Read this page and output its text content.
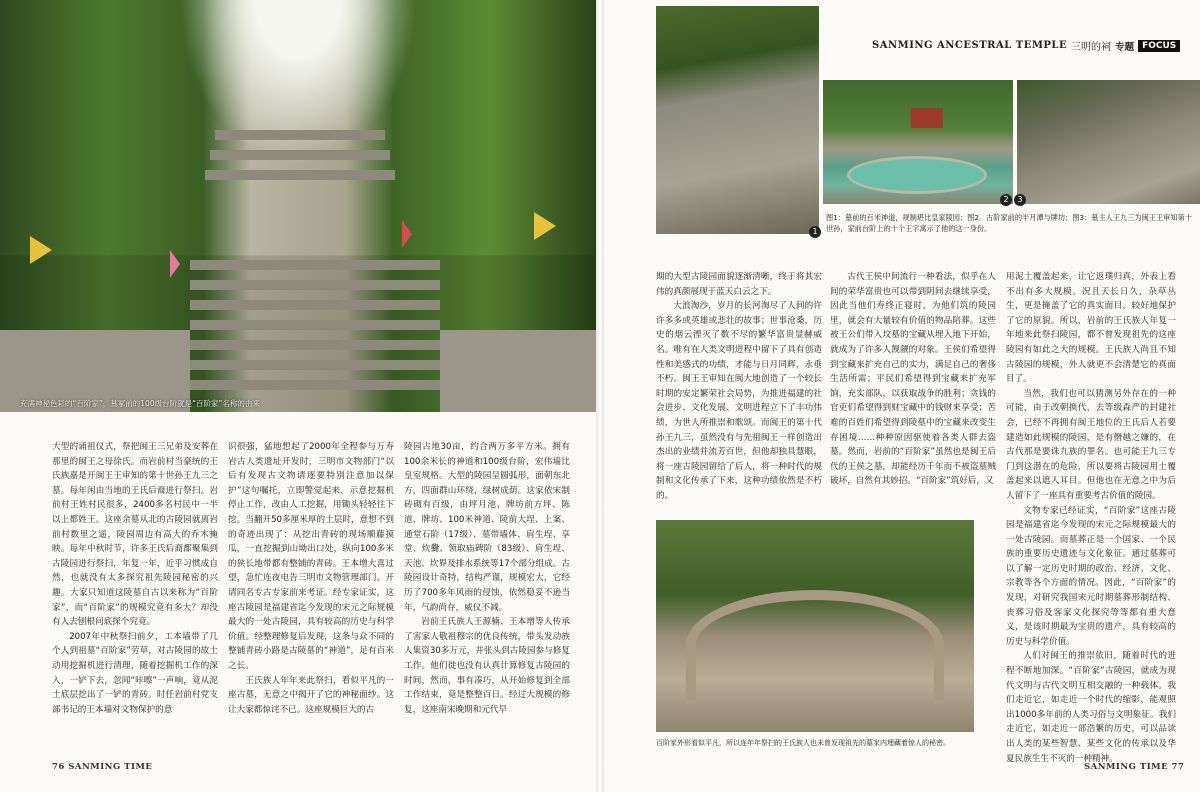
充满神秘色彩的“百阶家”，墓冢前的100级台阶就是“百阶家”名称的由来

大型的诵祖仪式，祭把闽王三兄弟及安葬在那里的闽王之母徐氏。而岩前村当豪统的王氏族嘉是开闽王王审知的第十世孙王九三之墓。每年闲由当地的王氏后裔进行祭扫。岩前村王姓村民很多，2400多名村民中一半以上都姓王。这座余墓从北的古陵园就离岩前村数里之遥，陵园周边有高大的乔木掩映。每年中秋时节，许多王氏后裔都聚集到古陵园进行祭扫，年复一年，近乎习惯成自然，也就没有太多探究祖先陵园秘密的兴趣。大家只知道这陵墓自古以来称为“百阶家”，而“百阶家”的规模究竟有多大？却没有人去刨根问底探个究竟。

2007年中秋祭扫前夕，工本墙带了几个人到祖墓“百阶家”劳草，对古陵园的故土动用挖掘机进行清理，随着挖掘机工作的深入，一铲下去，忽闻“咔嚓”一声响，竟从泥土底层挖出了一铲的青砖。时任岩前村党支部书记的王本墙对文物保护的意

识很强，猛地想起了2000年全程参与万寿岩古人类遗址开发时，三明市文物部门“以后有发现古文物请逐要特别注意加以保护”这句嘱托，立即警觉起来，示意挖掘机停止工作，改由人工挖掘，用锄头轻轻往下挖。当翻开50多厘米厚的土层时，意想不到的奇迹出现了：从挖出青砖的现场顺藤摸瓜，一直挖掘到山坳出口处，纵向100多米的狭长地带都有整铺的青砖。王本增大喜过望，急忙连夜电告三明市文物管理部门。开请同名专古专家前来考证。经专家证实，这座古陵园是福建省迄今发现的宋元之际规模最大的一处古陵园，具有较高的历史与科学价值。经整理修复后发现，这条与众不同的整铺青砖小路是古陵墓的“神道”，足有百米之长。

王氏族人年年来此祭扫，看似平凡的一座古墓，无意之中揭开了它的神秘面纱。这让大家都惊诧不已。这座规模巨大的古

陵园占地30亩，约合两万多平方米。拥有100余米长的神道和100级台阶，宏伟墙比皇室规格。大型的陵园呈圆弧形，面朝东北方，四面群山环绕，绿树成荫。这家依宋制砖砌有百级，由坪月池、牌坊前方坪、陈道、牌坊、100米神道、陵前大埕、上案、通堂石阶（17级）、墓带墙体、肩生埕、享堂、炊爨、领取庙碑阶（83级）、肩生埕、天池、坎界及排水系统等17个部分组成。古陵园设计奇特，结构严谨，规模宏大，它经历了700多年风雨的侵蚀，依然稳妥不逊当年，气韵尚存，威仪不减。

岩前王氏族人王源楠、王本增等人传承了害家人敬祖穆宗的优良传统，带头发动族人集资30多万元，并张头到古陵园参与修复工作。他们徙也没有认真计算修复古陵园的时间，然而，事有凑巧，从开始修复到全部工作结束，竟是整整百日。经过大规模的修复，这座南宋晚期和元代早

76 SANMING TIME
SANMING ANCESTRAL TEMPLE 三明的祠 专题 FOCUS
1
2	3
图1：墓前的百米神道，规制堪比皇家陵园；图2．古阶家前的半月潭与牌坊；图3：墓主人王九三为闽王王审知第十世孙，家前台阶上的十个王字寓示了他的这一身份。

期的大型古陵园面貌逐渐清晰，终于将其宏伟的真颜展现于蓝天白云之下。

大浪淘沙，岁月的长河淘尽了人间的许许多多或英雄或悲壮的故事；世事沧桑，历史的烟云湮灭了数不尽的繁华富贵显赫威名。唯有在人类文明进程中留下了具有创造性和美感式的功绩，才能与日月同辉，永垂不朽。闽王王审知在闽大地创造了一个较长时期的安定繁荣社会局势，为推进福建的社会进步、文化发展、文明进程立下了丰功伟绩，为世人所推崇和歌颂。而闽王的第十代孙王九三，虽然没有与先祖闽王一样创造出杰出的业绩并流芳百世，但他却独具慧眼，将一座古陵园留给了后人，将一种时代的规制和文化传承了下来，这种功绩依然是不朽的。

古代王侯中间流行一种看法，似乎在人间的荣华富贵也可以带到阴间去继续享受，因此当他们寿终正寝时，为他们筑的陵园里，就会有大量较有价值的物品陪葬。这些被王公们带入坟墓的宝藏从埋入地下开始，就成为了许多人觊觎的对象。王侯们希望得到宝藏来扩充自己的实力，满足自己的奢侈生活所需；平民们希望得到宝藏来扩充军饷，充实部队，以获取战争的胜利；贪钱的官吏们希望得到财宝藏中的钱财来享受；苦难的百姓们希望得到陵墓中的宝藏来改变生存困境……种种原因驱使着各类人群去盗墓。然而，岩前的“百阶家”虽然也是闽王后代的王侯之墓，却能经历千年而不被盗墓贼破坏，自然有其妙招。“百阶家”筑好后，又

用泥土覆盖起来，让它返璞归真，外表上看不出有多大规模。况且天长日久，杂草丛生，更是掩盖了它的真实面目，较好地保护了它的原貌。所以，岩前的王氏族人年复一年地来此祭扫陵园，都不曾发现祖先的这座陵园有如此之大的规模。王氏族人尚且不知古陵园的规模，外人就更不会清楚它的真面目了。

当然，我们也可以猜测另外存在的一种可能，由于改朝换代，去等级森严的封建社会，已经不再拥有闽王地位的王氏后人若要建造如此规模的陵园，是有僭越之嫌的，在古代那是要诛九族的罪名。也可能王九三专门到这潜在的危险，所以要将古陵园用土覆盖起来以遮人耳目。但他也在无意之中为后人留下了一座具有重要考古价值的陵园。

文物专家已经证实，“百阶家”这座古陵园是福建省迄今发现的宋元之际规模最大的一处古陵园。而墓葬正是一个国家、一个民族的重要历史遗迹与文化象征。通过墓葬可以了解一定历史时期的政治、经济、文化、宗教等各个方面的情况。因此，“百阶家”的发现，对研究我国宋元时期墓葬形制结构、丧葬习俗及客家文化探究等等都有重大意义，是该时期最为宝贵的遗产，具有较高的历史与科学价值。

人们对闽王的推崇依旧，随着时代的进程不断地加深。“百阶家”古陵园，就成为现代文明与古代文明互相交融的一种载体。我们走近它，如走近一个时代的缩影，能观照出1000多年前的人类习俗与文明象征。我们走近它，如走近一部浩繁的历史，可以品读出人类的某些智慧、某些文化的传承以及华夏民族生生不灭的一种精神。

百阶家外形看似平凡，所以连年年祭扫的王氏族人也未曾发现祖先的墓家内埋藏着惊人的秘密。
SANMING TIME 77
